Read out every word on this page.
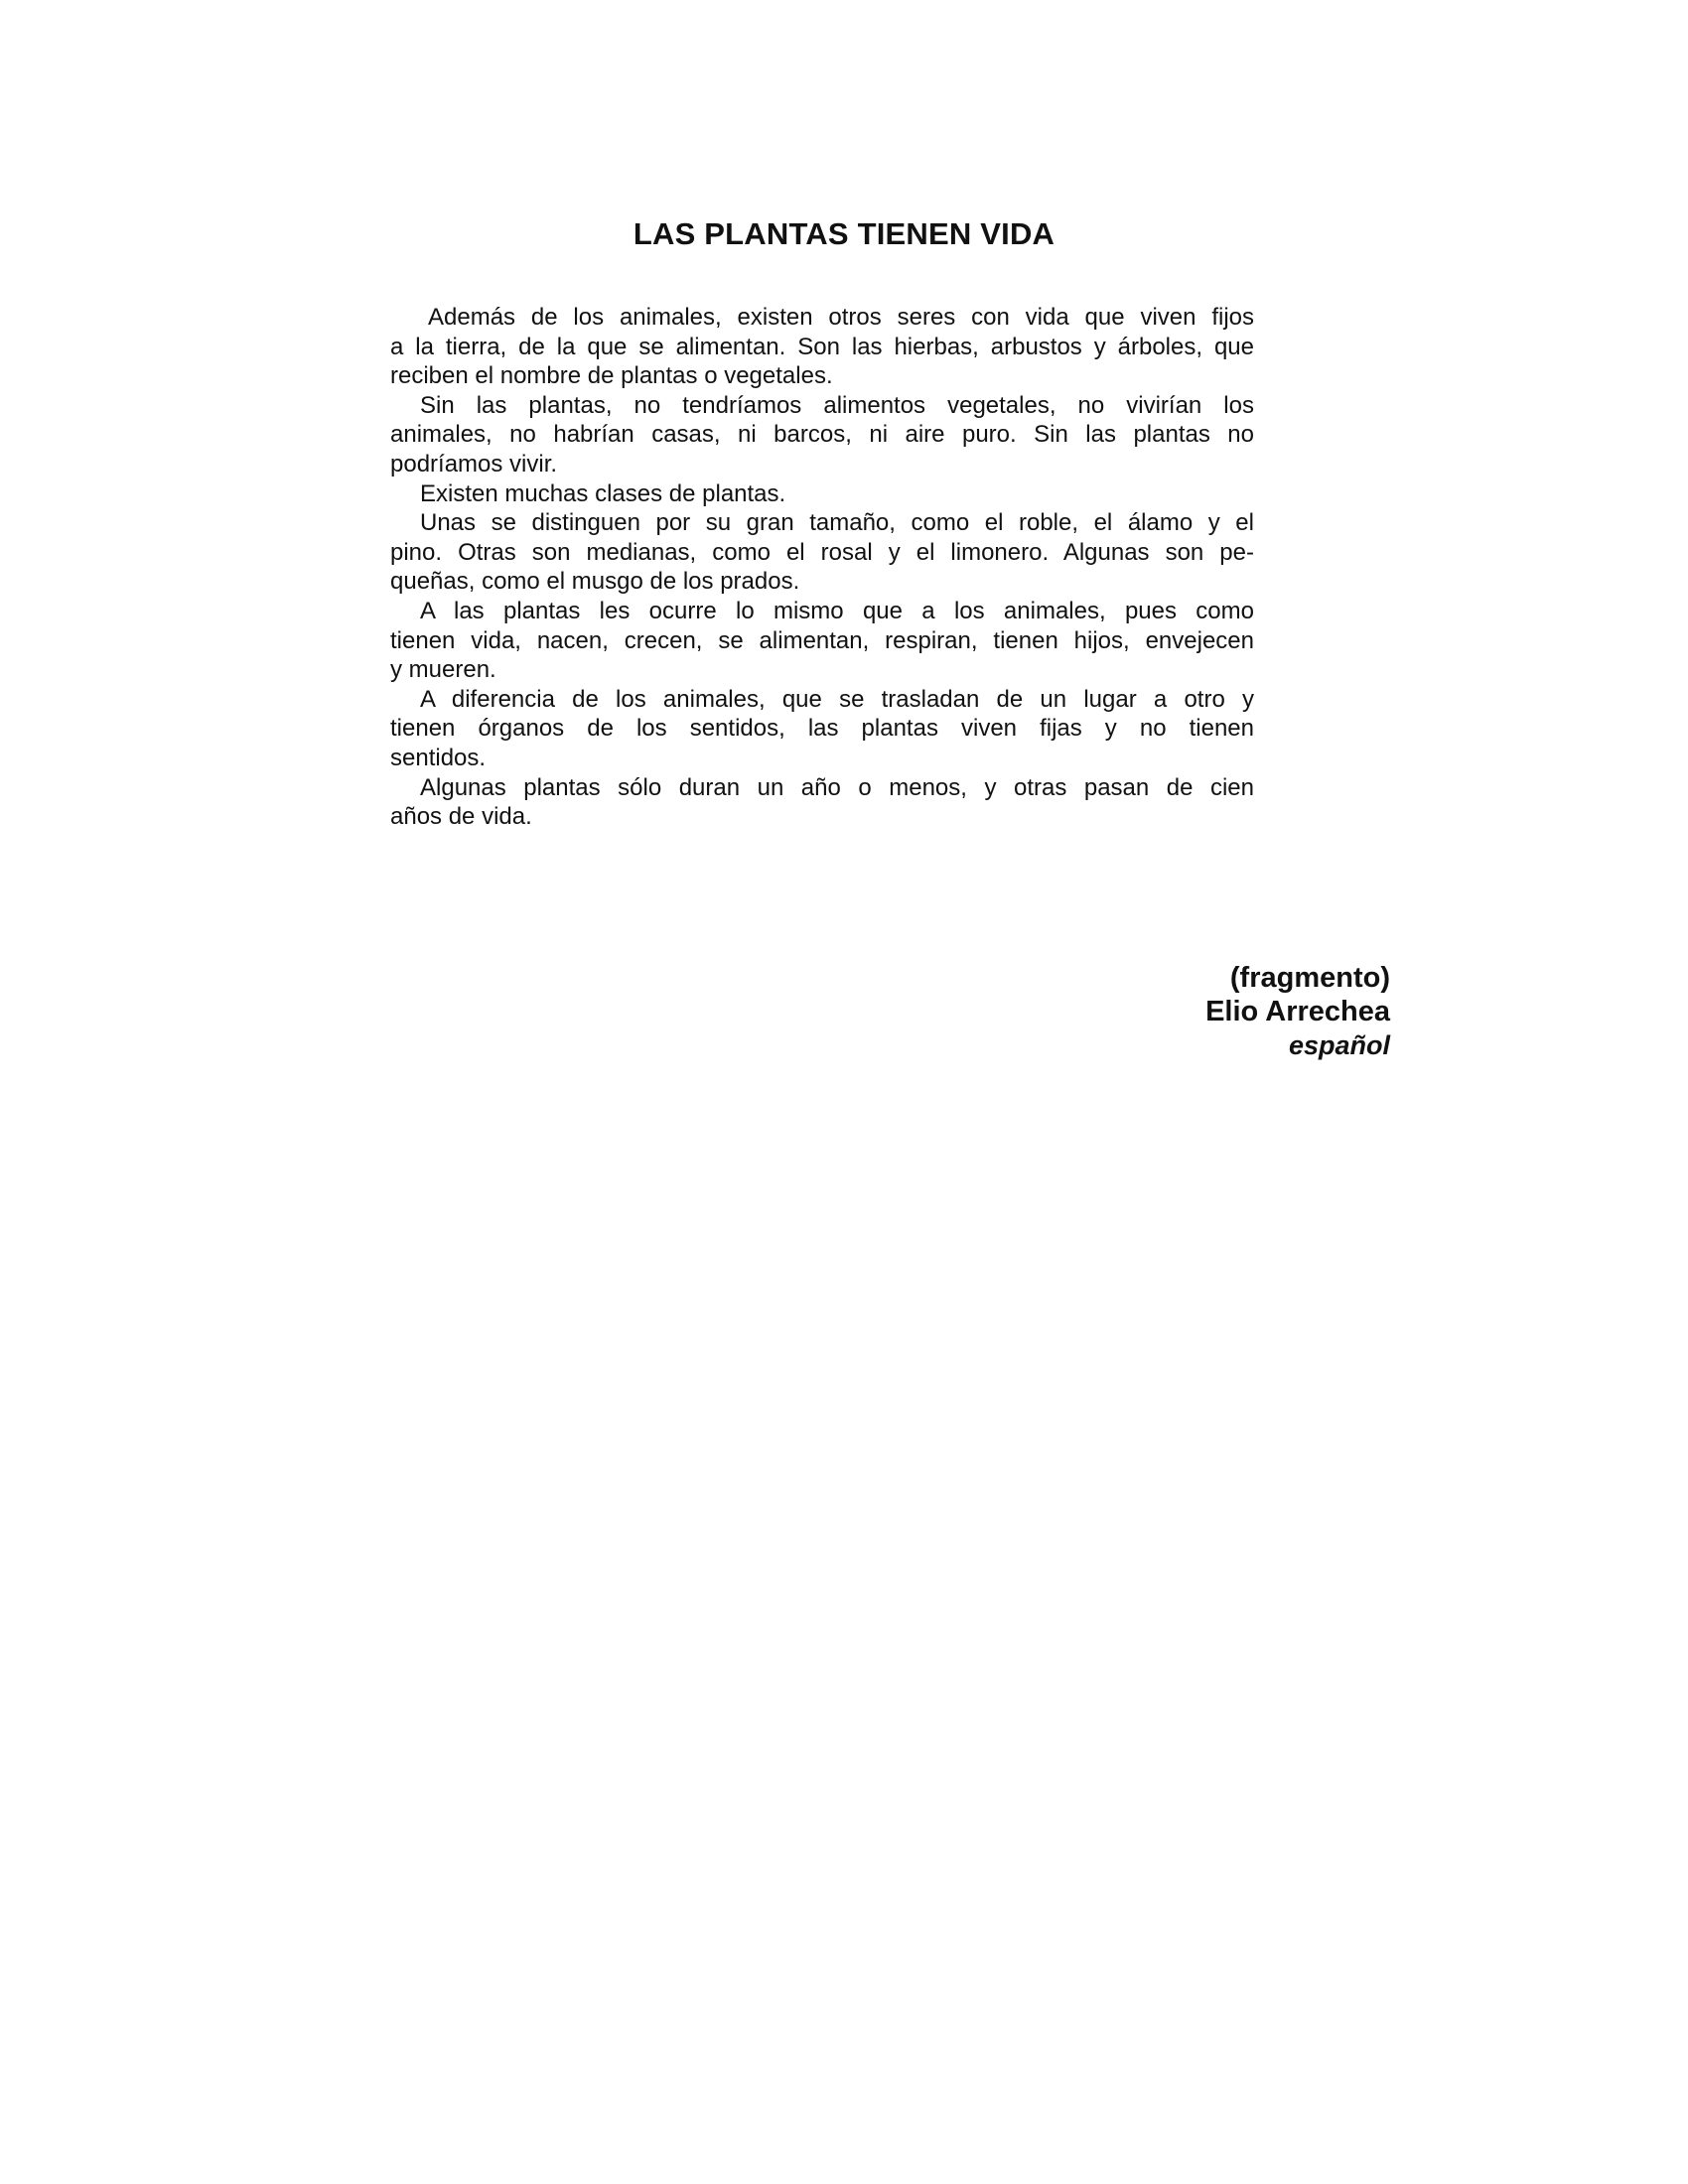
LAS PLANTAS TIENEN VIDA
Además de los animales, existen otros seres con vida que viven fijos
a la tierra, de la que se alimentan. Son las hierbas, arbustos y árboles, que
reciben el nombre de plantas o vegetales.
Sin las plantas, no tendríamos alimentos vegetales, no vivirían los
animales, no habrían casas, ni barcos, ni aire puro. Sin las plantas no
podríamos vivir.
Existen muchas clases de plantas.
Unas se distinguen por su gran tamaño, como el roble, el álamo y el
pino. Otras son medianas, como el rosal y el limonero. Algunas son pe-
queñas, como el musgo de los prados.
A las plantas les ocurre lo mismo que a los animales, pues como
tienen vida, nacen, crecen, se alimentan, respiran, tienen hijos, envejecen
y mueren.
A diferencia de los animales, que se trasladan de un lugar a otro y
tienen órganos de los sentidos, las plantas viven fijas y no tienen
sentidos.
Algunas plantas sólo duran un año o menos, y otras pasan de cien
años de vida.
(fragmento)
Elio Arrechea
español
